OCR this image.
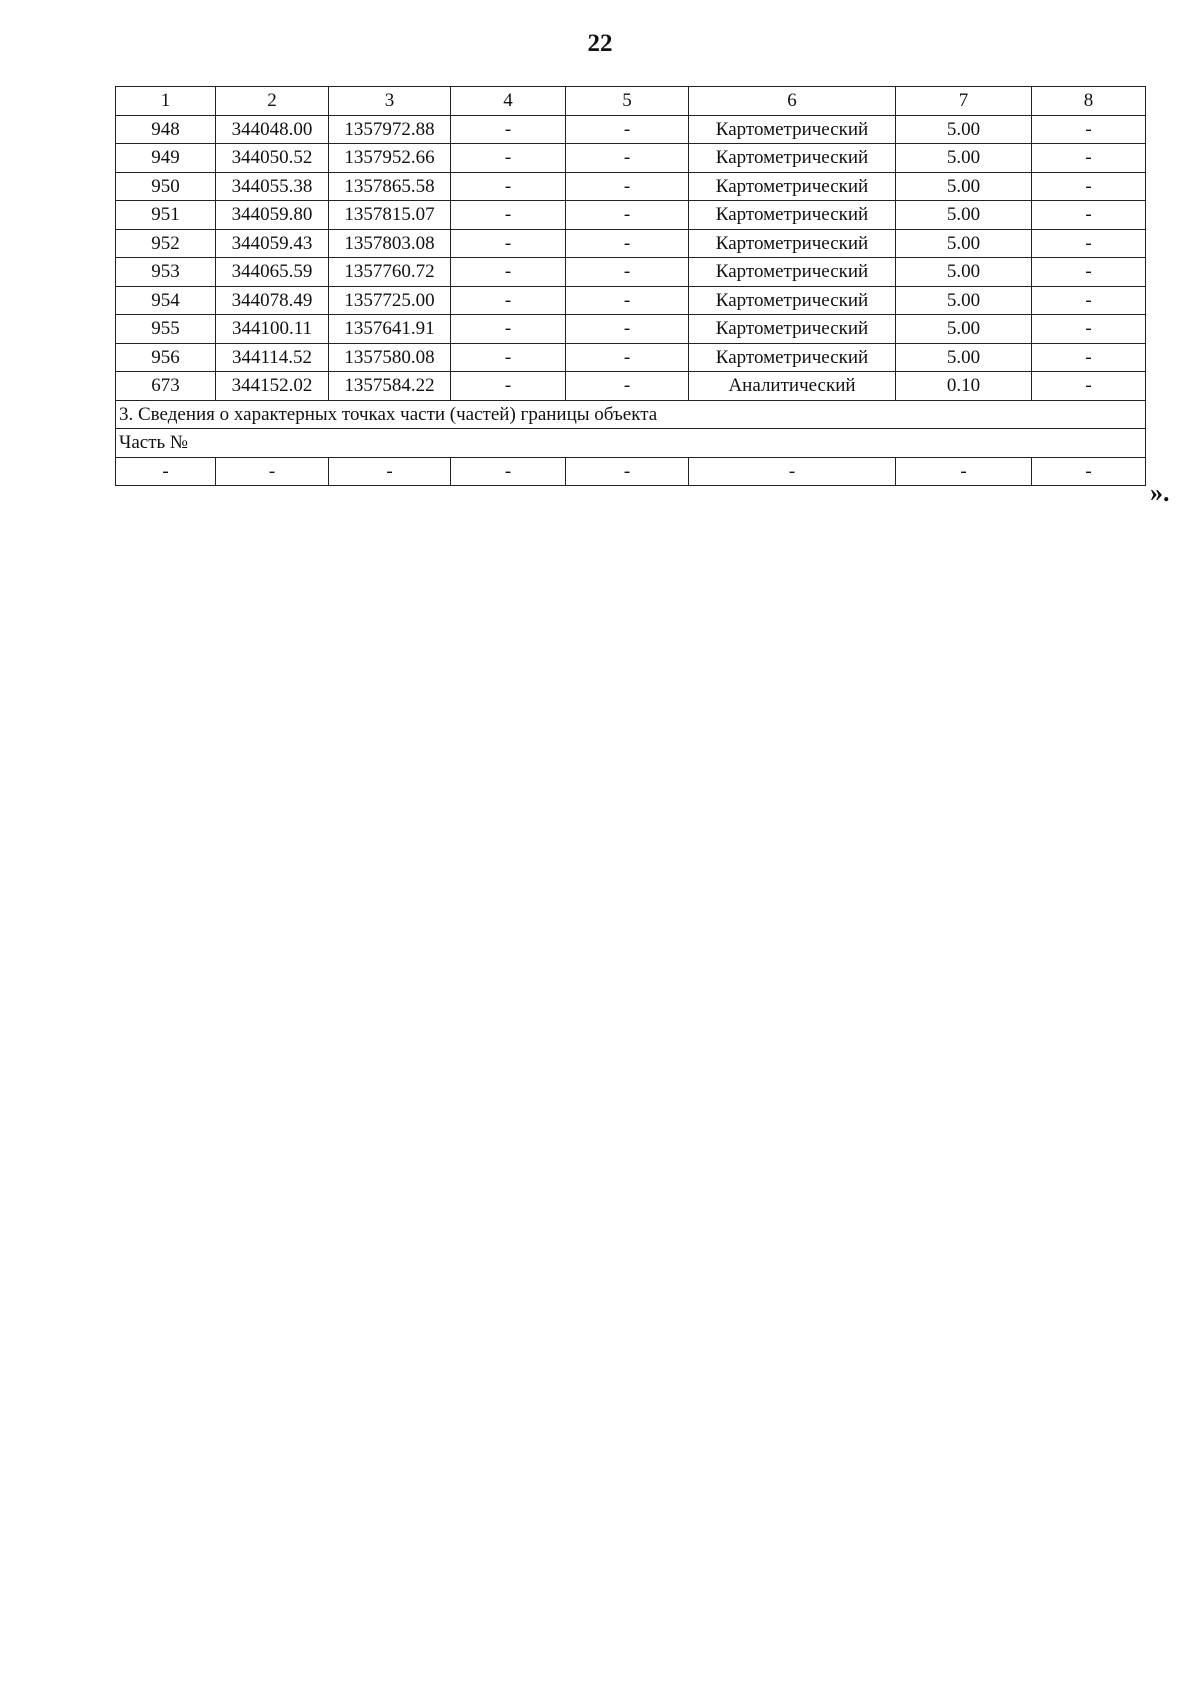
22
1	2	3	4	5	6	7	8
948	344048.00	1357972.88	-	-	Картометрический	5.00	-
949	344050.52	1357952.66	-	-	Картометрический	5.00	-
950	344055.38	1357865.58	-	-	Картометрический	5.00	-
951	344059.80	1357815.07	-	-	Картометрический	5.00	-
952	344059.43	1357803.08	-	-	Картометрический	5.00	-
953	344065.59	1357760.72	-	-	Картометрический	5.00	-
954	344078.49	1357725.00	-	-	Картометрический	5.00	-
955	344100.11	1357641.91	-	-	Картометрический	5.00	-
956	344114.52	1357580.08	-	-	Картометрический	5.00	-
673	344152.02	1357584.22	-	-	Аналитический	0.10	-
3. Сведения о характерных точках части (частей) границы объекта							
Часть №							
-	-	-	-	-	-	-	-
».
